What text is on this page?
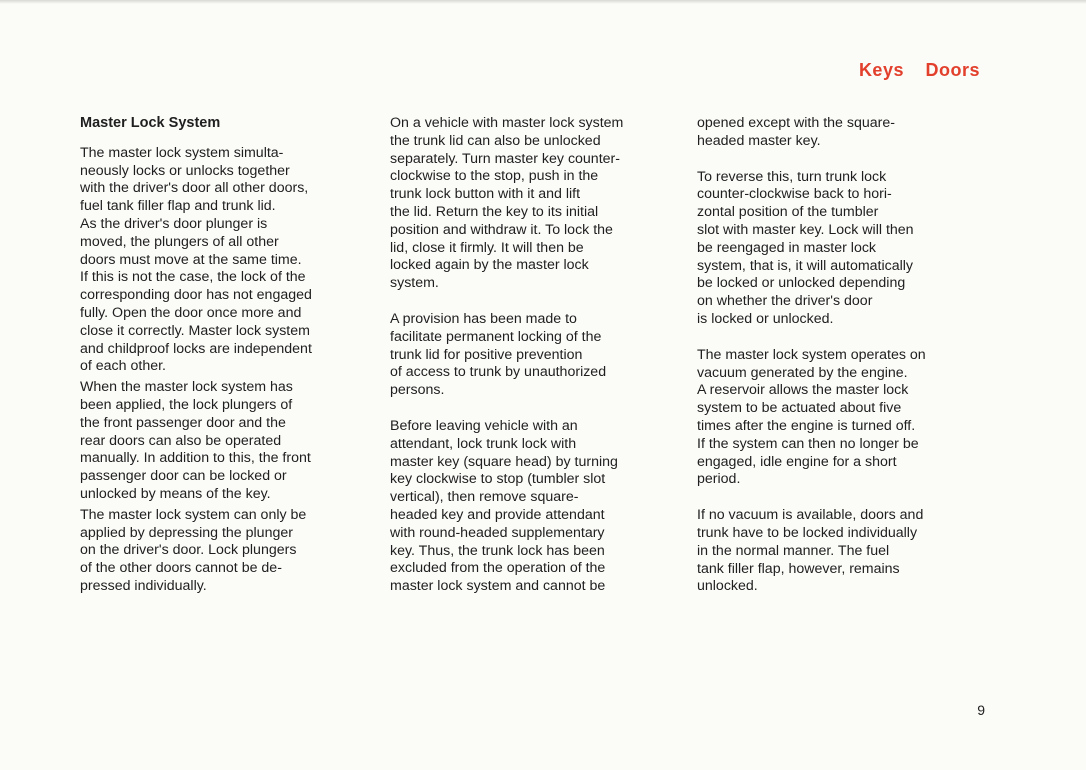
Keys Doors
Master Lock System

The master lock system simulta-
neously locks or unlocks together
with the driver's door all other doors,
fuel tank filler flap and trunk lid.
As the driver's door plunger is
moved, the plungers of all other
doors must move at the same time.
If this is not the case, the lock of the
corresponding door has not engaged
fully. Open the door once more and
close it correctly. Master lock system
and childproof locks are independent
of each other.

When the master lock system has
been applied, the lock plungers of
the front passenger door and the
rear doors can also be operated
manually. In addition to this, the front
passenger door can be locked or
unlocked by means of the key.

The master lock system can only be
applied by depressing the plunger
on the driver's door. Lock plungers
of the other doors cannot be de-
pressed individually.

On a vehicle with master lock system
the trunk lid can also be unlocked
separately. Turn master key counter-
clockwise to the stop, push in the
trunk lock button with it and lift
the lid. Return the key to its initial
position and withdraw it. To lock the
lid, close it firmly. It will then be
locked again by the master lock
system.

A provision has been made to
facilitate permanent locking of the
trunk lid for positive prevention
of access to trunk by unauthorized
persons.

Before leaving vehicle with an
attendant, lock trunk lock with
master key (square head) by turning
key clockwise to stop (tumbler slot
vertical), then remove square-
headed key and provide attendant
with round-headed supplementary
key. Thus, the trunk lock has been
excluded from the operation of the
master lock system and cannot be

opened except with the square-
headed master key.

To reverse this, turn trunk lock
counter-clockwise back to hori-
zontal position of the tumbler
slot with master key. Lock will then
be reengaged in master lock
system, that is, it will automatically
be locked or unlocked depending
on whether the driver's door
is locked or unlocked.

The master lock system operates on
vacuum generated by the engine.
A reservoir allows the master lock
system to be actuated about five
times after the engine is turned off.
If the system can then no longer be
engaged, idle engine for a short
period.

If no vacuum is available, doors and
trunk have to be locked individually
in the normal manner. The fuel
tank filler flap, however, remains
unlocked.

9
